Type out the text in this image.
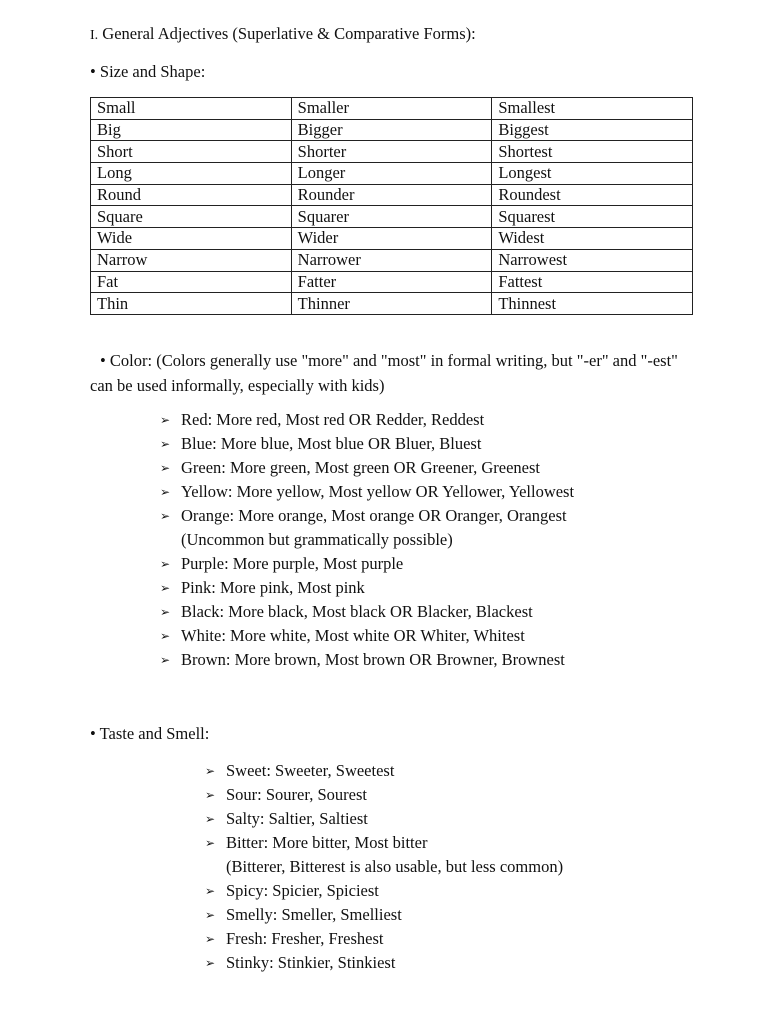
I. General Adjectives (Superlative & Comparative Forms):
• Size and Shape:
Small	Smaller	Smallest
Big	Bigger	Biggest
Short	Shorter	Shortest
Long	Longer	Longest
Round	Rounder	Roundest
Square	Squarer	Squarest
Wide	Wider	Widest
Narrow	Narrower	Narrowest
Fat	Fatter	Fattest
Thin	Thinner	Thinnest
• Color: (Colors generally use "more" and "most" in formal writing, but "-er" and "-est" can be used informally, especially with kids)
➢ Red: More red, Most red OR Redder, Reddest
➢ Blue: More blue, Most blue OR Bluer, Bluest
➢ Green: More green, Most green OR Greener, Greenest
➢ Yellow: More yellow, Most yellow OR Yellower, Yellowest
➢ Orange: More orange, Most orange OR Oranger, Orangest
(Uncommon but grammatically possible)
➢ Purple: More purple, Most purple
➢ Pink: More pink, Most pink
➢ Black: More black, Most black OR Blacker, Blackest
➢ White: More white, Most white OR Whiter, Whitest
➢ Brown: More brown, Most brown OR Browner, Brownest
• Taste and Smell:
➢ Sweet: Sweeter, Sweetest
➢ Sour: Sourer, Sourest
➢ Salty: Saltier, Saltiest
➢ Bitter: More bitter, Most bitter
(Bitterer, Bitterest is also usable, but less common)
➢ Spicy: Spicier, Spiciest
➢ Smelly: Smeller, Smelliest
➢ Fresh: Fresher, Freshest
➢ Stinky: Stinkier, Stinkiest
